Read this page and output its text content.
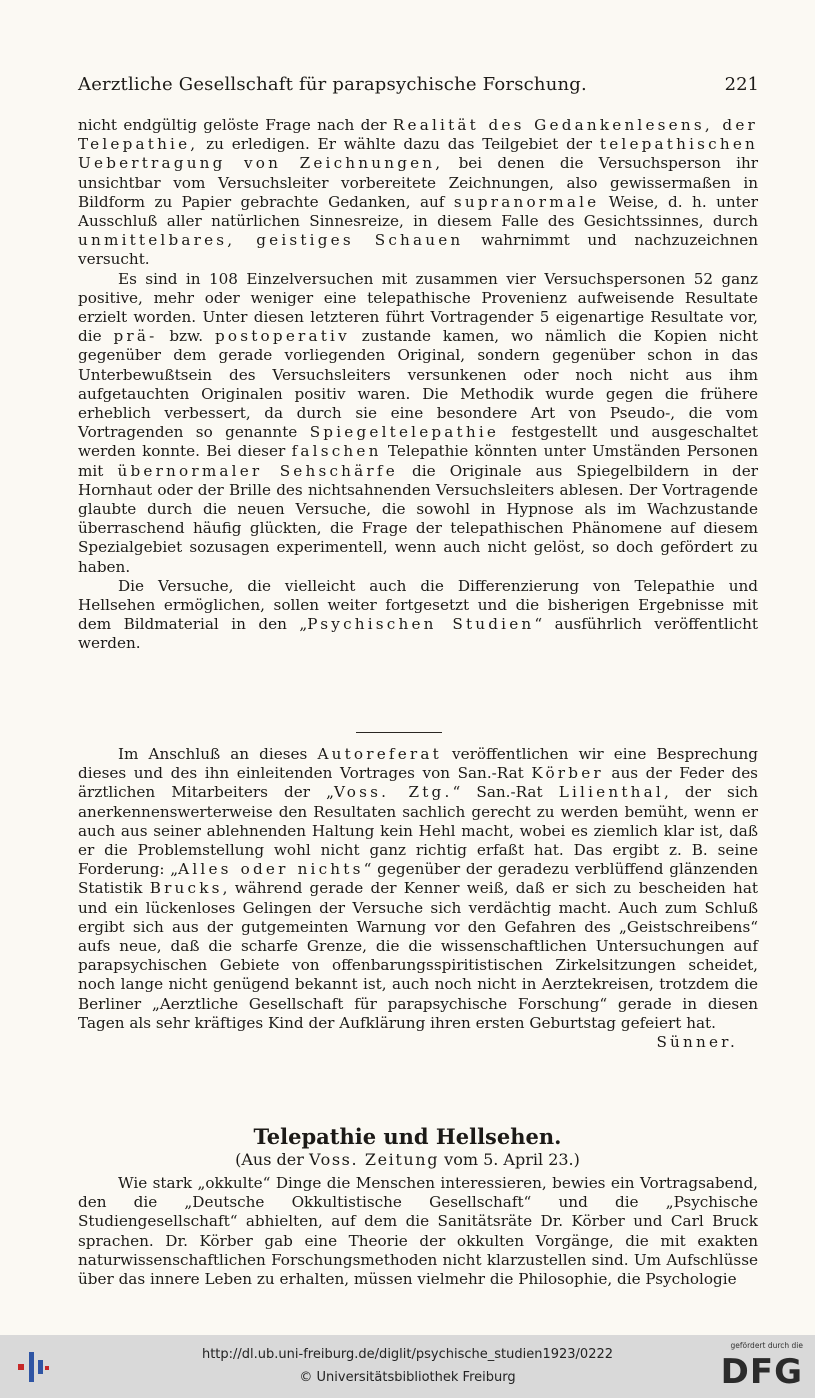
Aerztliche Gesellschaft für parapsychische Forschung.	221

nicht endgültig gelöste Frage nach der Realität des Gedankenlesens, der Telepathie, zu erledigen. Er wählte dazu das Teilgebiet der telepathischen Uebertragung von Zeichnungen, bei denen die Versuchsperson ihr unsichtbar vom Versuchsleiter vorbereitete Zeichnungen, also gewissermaßen in Bildform zu Papier gebrachte Gedanken, auf supranormale Weise, d. h. unter Ausschluß aller natürlichen Sinnesreize, in diesem Falle des Gesichtssinnes, durch unmittelbares, geistiges Schauen wahrnimmt und nachzuzeichnen versucht.

Es sind in 108 Einzelversuchen mit zusammen vier Versuchspersonen 52 ganz positive, mehr oder weniger eine telepathische Provenienz aufweisende Resultate erzielt worden. Unter diesen letzteren führt Vortragender 5 eigenartige Resultate vor, die prä- bzw. postoperativ zustande kamen, wo nämlich die Kopien nicht gegenüber dem gerade vorliegenden Original, sondern gegenüber schon in das Unterbewußtsein des Versuchsleiters versunkenen oder noch nicht aus ihm aufgetauchten Originalen positiv waren. Die Methodik wurde gegen die frühere erheblich verbessert, da durch sie eine besondere Art von Pseudo-, die vom Vortragenden so genannte Spiegeltelepathie festgestellt und ausgeschaltet werden konnte. Bei dieser falschen Telepathie könnten unter Umständen Personen mit übernormaler Sehschärfe die Originale aus Spiegelbildern in der Hornhaut oder der Brille des nichtsahnenden Versuchsleiters ablesen. Der Vortragende glaubte durch die neuen Versuche, die sowohl in Hypnose als im Wachzustande überraschend häufig glückten, die Frage der telepathischen Phänomene auf diesem Spezialgebiet sozusagen experimentell, wenn auch nicht gelöst, so doch gefördert zu haben.

Die Versuche, die vielleicht auch die Differenzierung von Telepathie und Hellsehen ermöglichen, sollen weiter fortgesetzt und die bisherigen Ergebnisse mit dem Bildmaterial in den „Psychischen Studien“ ausführlich veröffentlicht werden.

Im Anschluß an dieses Autoreferat veröffentlichen wir eine Besprechung dieses und des ihn einleitenden Vortrages von San.-Rat Körber aus der Feder des ärztlichen Mitarbeiters der „Voss. Ztg.“ San.-Rat Lilienthal, der sich anerkennenswerterweise den Resultaten sachlich gerecht zu werden bemüht, wenn er auch aus seiner ablehnenden Haltung kein Hehl macht, wobei es ziemlich klar ist, daß er die Problemstellung wohl nicht ganz richtig erfaßt hat. Das ergibt z. B. seine Forderung: „Alles oder nichts“ gegenüber der geradezu verblüffend glänzenden Statistik Brucks, während gerade der Kenner weiß, daß er sich zu bescheiden hat und ein lückenloses Gelingen der Versuche sich verdächtig macht. Auch zum Schluß ergibt sich aus der gutgemeinten Warnung vor den Gefahren des „Geistschreibens“ aufs neue, daß die scharfe Grenze, die die wissenschaftlichen Untersuchungen auf parapsychischen Gebiete von offenbarungsspiritistischen Zirkelsitzungen scheidet, noch lange nicht genügend bekannt ist, auch noch nicht in Aerztekreisen, trotzdem die Berliner „Aerztliche Gesellschaft für parapsychische Forschung“ gerade in diesen Tagen als sehr kräftiges Kind der Aufklärung ihren ersten Geburtstag gefeiert hat.
Sünner.

Telepathie und Hellsehen.
(Aus der Voss. Zeitung vom 5. April 23.)

Wie stark „okkulte“ Dinge die Menschen interessieren, bewies ein Vortragsabend, den die „Deutsche Okkultistische Gesellschaft“ und die „Psychische Studiengesellschaft“ abhielten, auf dem die Sanitätsräte Dr. Körber und Carl Bruck sprachen. Dr. Körber gab eine Theorie der okkulten Vorgänge, die mit exakten naturwissenschaftlichen Forschungsmethoden nicht klarzustellen sind. Um Aufschlüsse über das innere Leben zu erhalten, müssen vielmehr die Philosophie, die Psychologie

http://dl.ub.uni-freiburg.de/diglit/psychische_studien1923/0222
© Universitätsbibliothek Freiburg
gefördert durch die
DFG
